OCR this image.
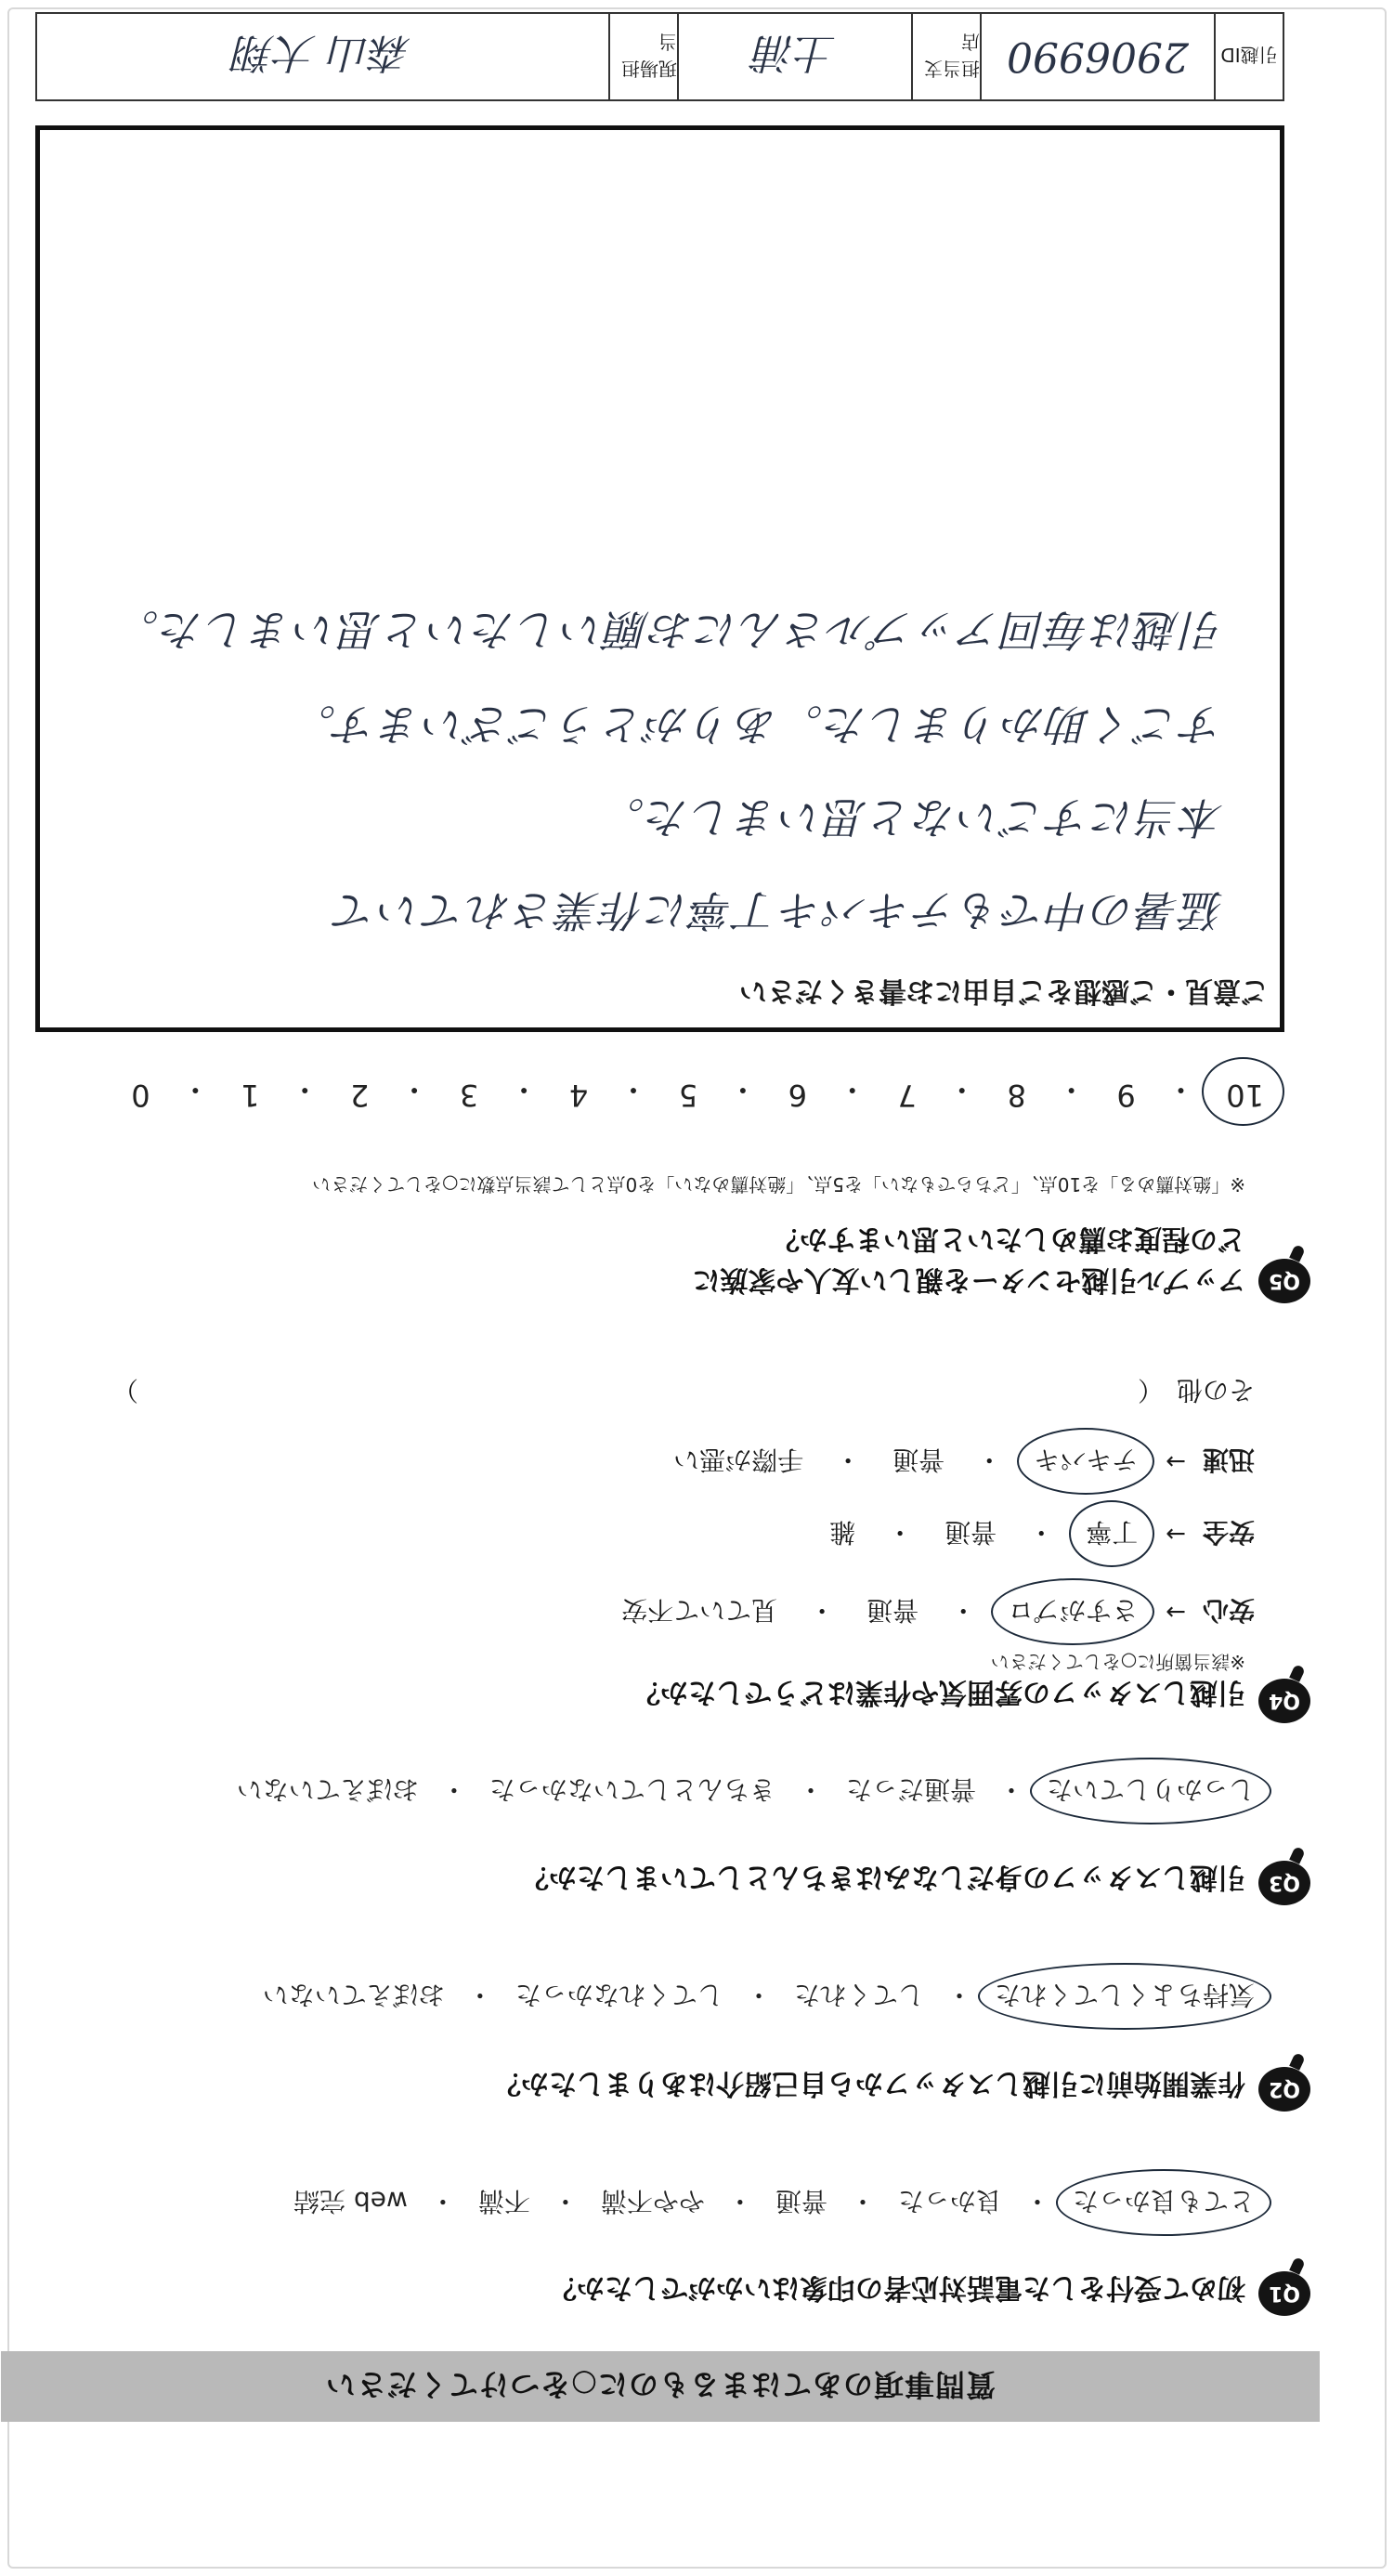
質問事項のあてはまるものに○をつけてください
Q1
初めて受付をした電話対応者の印象はいかがでしたか？
とても良かった
・
良かった
・
普通
・
やや不満
・
不満
・
web 完結
Q2
作業開始前に引越しスタッフから自己紹介はありましたか？
気持ちよくしてくれた
・
してくれた
・
してくれなかった
・
おぼえていない
Q3
引越しスタッフの身だしなみはきちんとしていましたか？
しっかりしていた
・
普通だった
・
きちんとしていなかった
・
おぼえていない
Q4
引越しスタッフの雰囲気や作業はどうでしたか？
※該当箇所に○をしてください
安心
→
さすがプロ
・
普通
・
見ていて不安
安全
→
丁寧
・
普通
・
雑
迅速
→
テキパキ
・
普通
・
手際が悪い
その他　（
）
Q5
アップル引越センターを親しい友人や家族に
どの程度お薦めしたいと思いますか？
※「絶対薦める」を10点、「どちらでもない」を5点、「絶対薦めない」を0点として該当点数に○をしてください
10
・
9
・
8
・
7
・
6
・
5
・
4
・
3
・
2
・
1
・
0
ご意見・ご感想をご自由にお書きください
猛暑の中でもテキパキ丁寧に作業されていて
本当にすごいなと思いました。
すごく助かりました。ありがとうございます。
引越は毎回アップルさんにお願いしたいと思いました。
引越ID
2906990
担当支店
土浦
現場担当
森山 大翔
